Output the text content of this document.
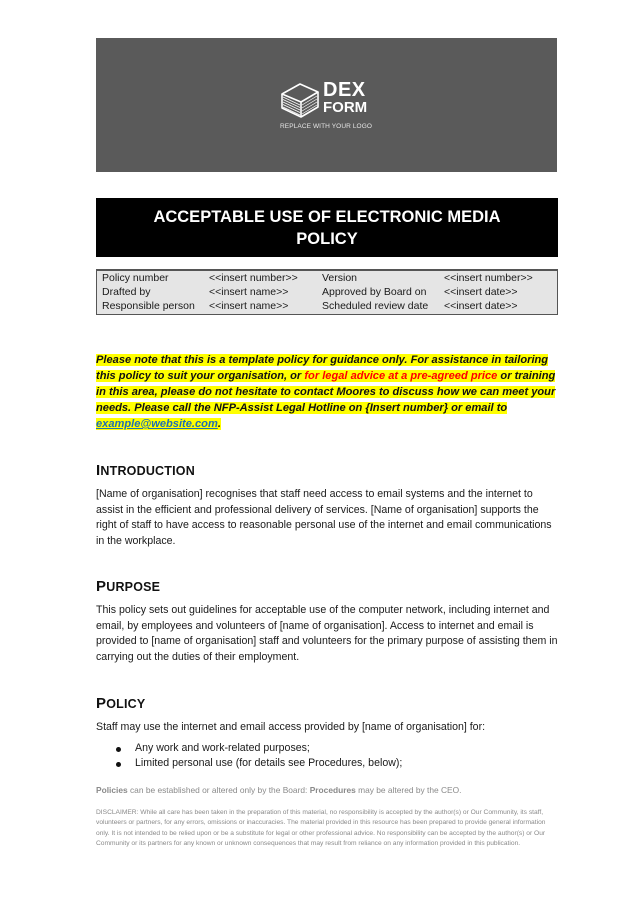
DEX
FORM
REPLACE WITH YOUR LOGO
ACCEPTABLE USE OF ELECTRONIC MEDIA
POLICY
Policy number	<<insert number>> Version	<<insert number>>
Drafted by	<<insert name>>	Approved by Board on <<insert date>>
Responsible person <<insert name>>	Scheduled review date <<insert date>>
Please note that this is a template policy for guidance only. For assistance in tailoring this policy to suit your organisation, or for legal advice at a pre-agreed price or training in this area, please do not hesitate to contact Moores to discuss how we can meet your needs. Please call the NFP-Assist Legal Hotline on {Insert number} or email to example@website.com.
INTRODUCTION
[Name of organisation] recognises that staff need access to email systems and the internet to assist in the efficient and professional delivery of services. [Name of organisation] supports the right of staff to have access to reasonable personal use of the internet and email communications in the workplace.
PURPOSE
This policy sets out guidelines for acceptable use of the computer network, including internet and email, by employees and volunteers of [name of organisation]. Access to internet and email is provided to [name of organisation] staff and volunteers for the primary purpose of assisting them in carrying out the duties of their employment.
POLICY
Staff may use the internet and email access provided by [name of organisation] for:
Any work and work-related purposes;
Limited personal use (for details see Procedures, below);
Policies can be established or altered only by the Board: Procedures may be altered by the CEO.
DISCLAIMER: While all care has been taken in the preparation of this material, no responsibility is accepted by the author(s) or Our Community, its staff, volunteers or partners, for any errors, omissions or inaccuracies. The material provided in this resource has been prepared to provide general information only. It is not intended to be relied upon or be a substitute for legal or other professional advice. No responsibility can be accepted by the author(s) or Our Community or its partners for any known or unknown consequences that may result from reliance on any information provided in this publication.
